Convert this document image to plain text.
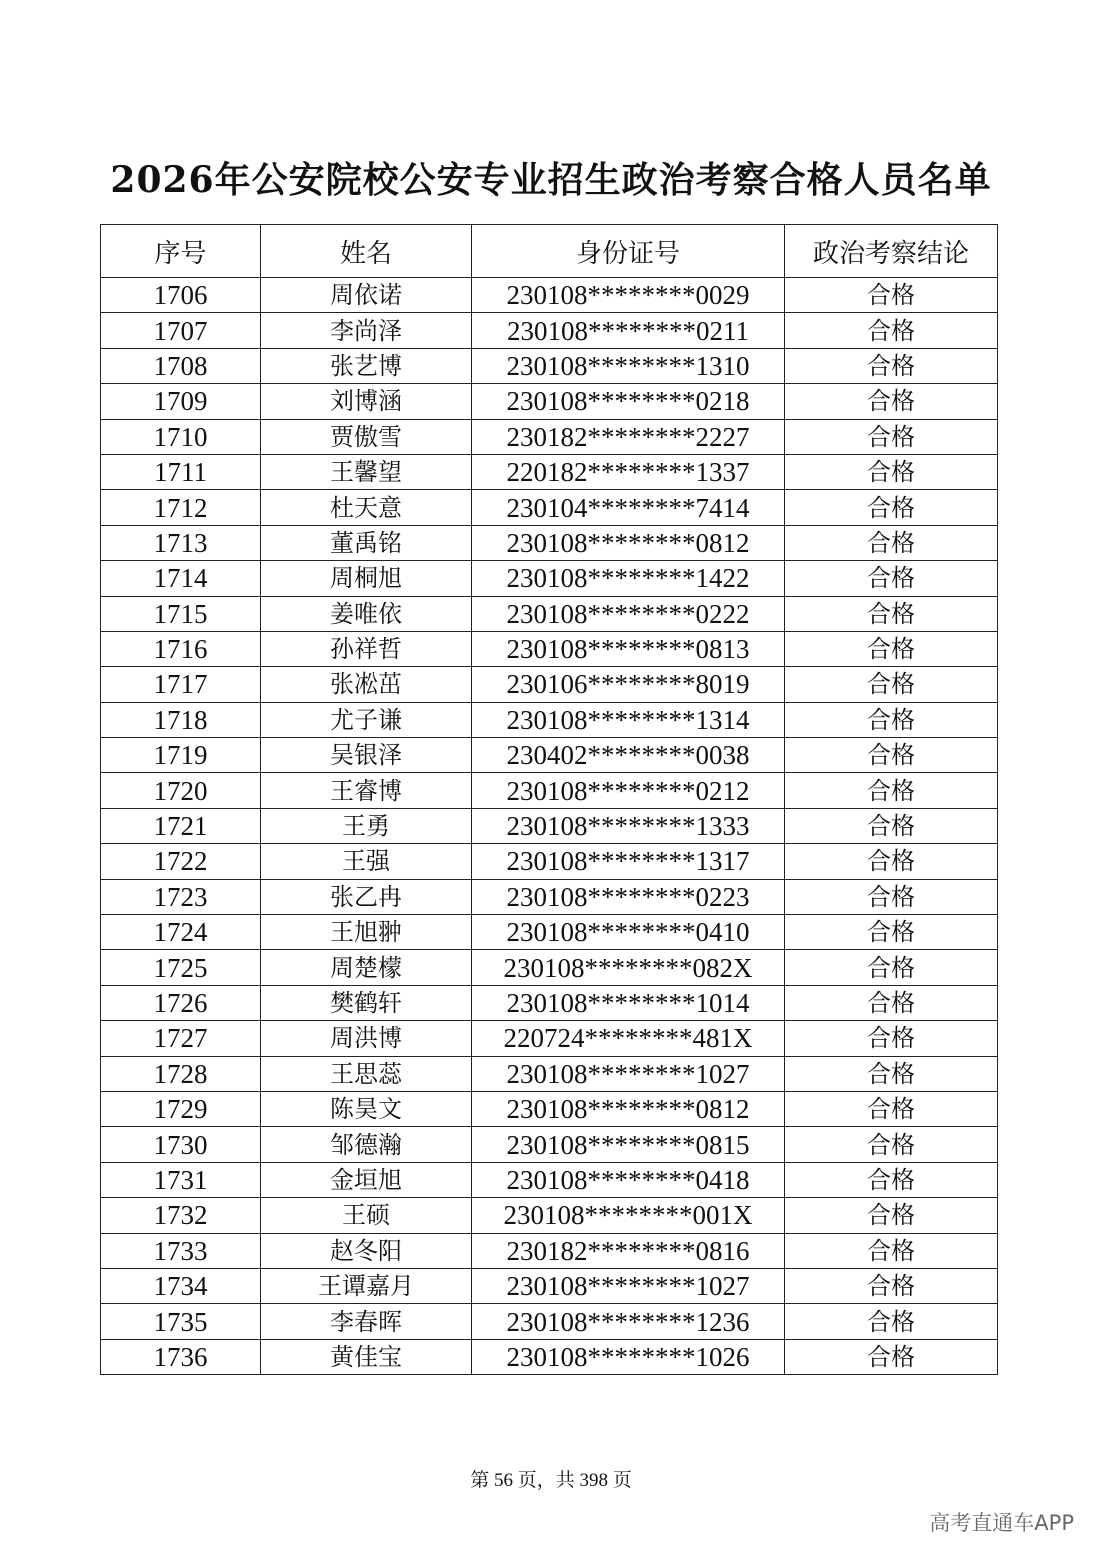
2026年公安院校公安专业招生政治考察合格人员名单
序号	姓名	身份证号	政治考察结论
1706	周依诺	230108********0029	合格
1707	李尚泽	230108********0211	合格
1708	张艺博	230108********1310	合格
1709	刘博涵	230108********0218	合格
1710	贾傲雪	230182********2227	合格
1711	王馨望	220182********1337	合格
1712	杜天意	230104********7414	合格
1713	董禹铭	230108********0812	合格
1714	周桐旭	230108********1422	合格
1715	姜唯依	230108********0222	合格
1716	孙祥哲	230108********0813	合格
1717	张凇茁	230106********8019	合格
1718	尤子谦	230108********1314	合格
1719	吴银泽	230402********0038	合格
1720	王睿博	230108********0212	合格
1721	王勇	230108********1333	合格
1722	王强	230108********1317	合格
1723	张乙冉	230108********0223	合格
1724	王旭翀	230108********0410	合格
1725	周楚檬	230108********082X	合格
1726	樊鹤轩	230108********1014	合格
1727	周洪博	220724********481X	合格
1728	王思蕊	230108********1027	合格
1729	陈昊文	230108********0812	合格
1730	邹德瀚	230108********0815	合格
1731	金垣旭	230108********0418	合格
1732	王硕	230108********001X	合格
1733	赵冬阳	230182********0816	合格
1734	王谭嘉月	230108********1027	合格
1735	李春晖	230108********1236	合格
1736	黄佳宝	230108********1026	合格
第 56 页，共 398 页
高考直通车APP
